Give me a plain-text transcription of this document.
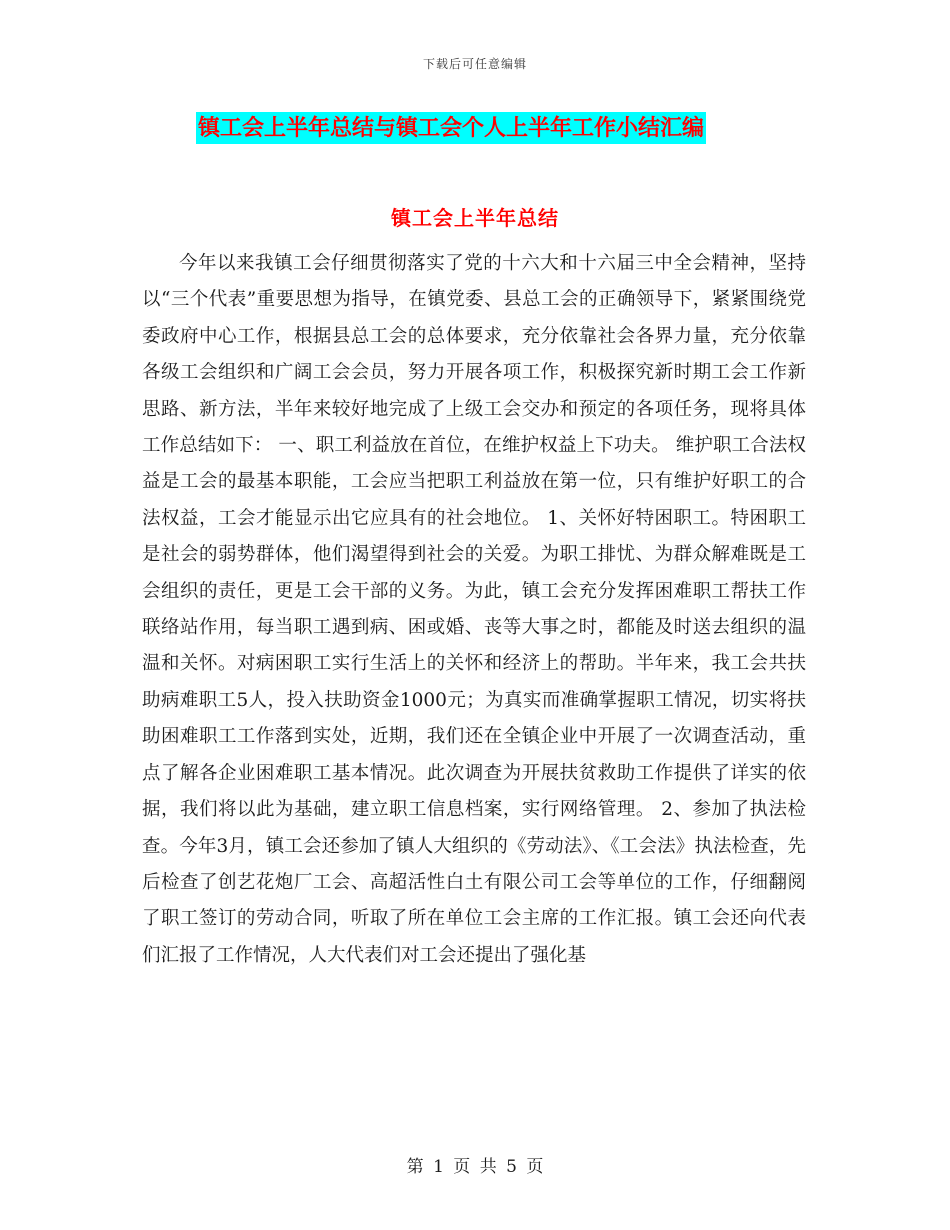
下载后可任意编辑
镇工会上半年总结与镇工会个人上半年工作小结汇编
镇工会上半年总结

今年以来我镇工会仔细贯彻落实了党的十六大和十六届三中全会精神，坚持以“三个代表”重要思想为指导，在镇党委、县总工会的正确领导下，紧紧围绕党委政府中心工作，根据县总工会的总体要求，充分依靠社会各界力量，充分依靠各级工会组织和广阔工会会员，努力开展各项工作，积极探究新时期工会工作新思路、新方法，半年来较好地完成了上级工会交办和预定的各项任务，现将具体工作总结如下： 一、职工利益放在首位，在维护权益上下功夫。 维护职工合法权益是工会的最基本职能，工会应当把职工利益放在第一位，只有维护好职工的合法权益，工会才能显示出它应具有的社会地位。 1、关怀好特困职工。特困职工是社会的弱势群体，他们渴望得到社会的关爱。为职工排忧、为群众解难既是工会组织的责任，更是工会干部的义务。为此，镇工会充分发挥困难职工帮扶工作联络站作用，每当职工遇到病、困或婚、丧等大事之时，都能及时送去组织的温温和关怀。对病困职工实行生活上的关怀和经济上的帮助。半年来，我工会共扶助病难职工5人，投入扶助资金1000元；为真实而准确掌握职工情况，切实将扶助困难职工工作落到实处，近期，我们还在全镇企业中开展了一次调查活动，重点了解各企业困难职工基本情况。此次调查为开展扶贫救助工作提供了详实的依据，我们将以此为基础，建立职工信息档案，实行网络管理。 2、参加了执法检查。今年3月，镇工会还参加了镇人大组织的《劳动法》、《工会法》执法检查，先后检查了创艺花炮厂工会、高超活性白土有限公司工会等单位的工作，仔细翻阅了职工签订的劳动合同，听取了所在单位工会主席的工作汇报。镇工会还向代表们汇报了工作情况，人大代表们对工会还提出了强化基

第 1 页 共 5 页
